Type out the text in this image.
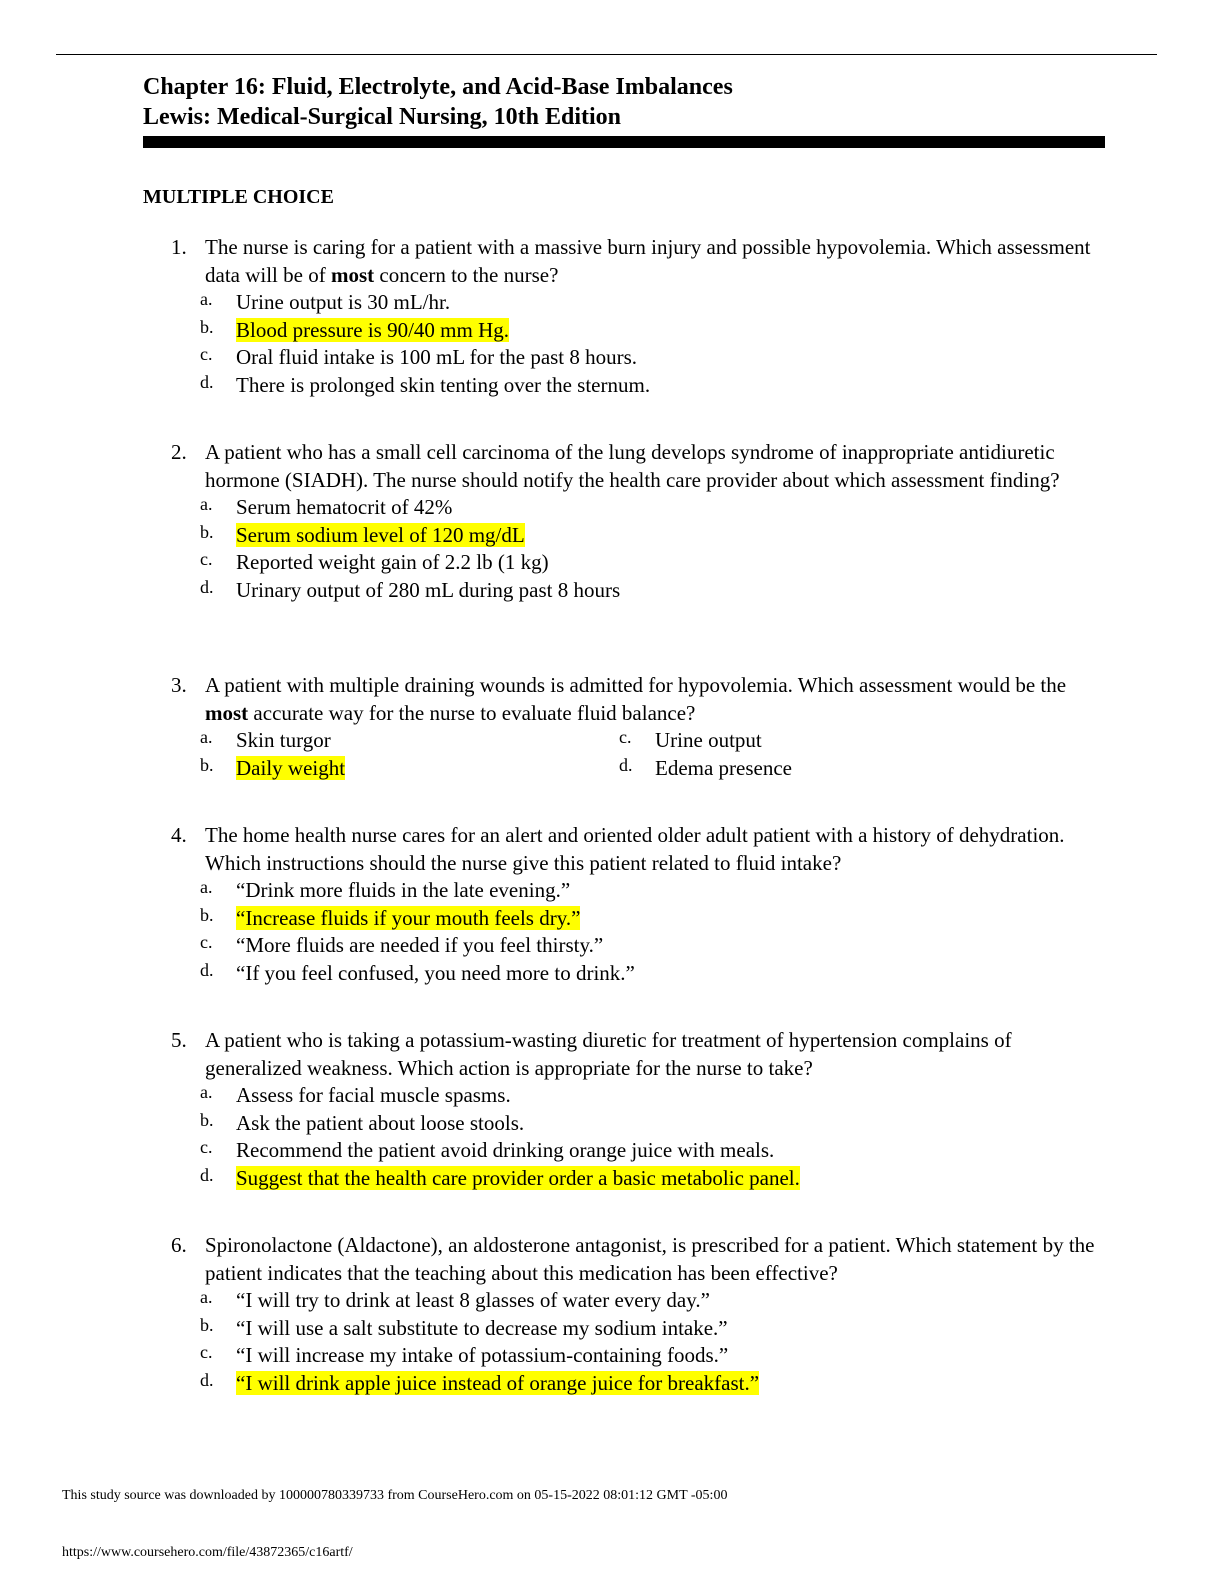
Chapter 16: Fluid, Electrolyte, and Acid-Base Imbalances
Lewis: Medical-Surgical Nursing, 10th Edition
MULTIPLE CHOICE
1. The nurse is caring for a patient with a massive burn injury and possible hypovolemia. Which assessment data will be of most concern to the nurse?
a. Urine output is 30 mL/hr.
b. Blood pressure is 90/40 mm Hg.
c. Oral fluid intake is 100 mL for the past 8 hours.
d. There is prolonged skin tenting over the sternum.
2. A patient who has a small cell carcinoma of the lung develops syndrome of inappropriate antidiuretic hormone (SIADH). The nurse should notify the health care provider about which assessment finding?
a. Serum hematocrit of 42%
b. Serum sodium level of 120 mg/dL
c. Reported weight gain of 2.2 lb (1 kg)
d. Urinary output of 280 mL during past 8 hours
3. A patient with multiple draining wounds is admitted for hypovolemia. Which assessment would be the most accurate way for the nurse to evaluate fluid balance?
a. Skin turgor
b. Daily weight
c. Urine output
d. Edema presence
4. The home health nurse cares for an alert and oriented older adult patient with a history of dehydration. Which instructions should the nurse give this patient related to fluid intake?
a. “Drink more fluids in the late evening.”
b. “Increase fluids if your mouth feels dry.”
c. “More fluids are needed if you feel thirsty.”
d. “If you feel confused, you need more to drink.”
5. A patient who is taking a potassium-wasting diuretic for treatment of hypertension complains of generalized weakness. Which action is appropriate for the nurse to take?
a. Assess for facial muscle spasms.
b. Ask the patient about loose stools.
c. Recommend the patient avoid drinking orange juice with meals.
d. Suggest that the health care provider order a basic metabolic panel.
6. Spironolactone (Aldactone), an aldosterone antagonist, is prescribed for a patient. Which statement by the patient indicates that the teaching about this medication has been effective?
a. “I will try to drink at least 8 glasses of water every day.”
b. “I will use a salt substitute to decrease my sodium intake.”
c. “I will increase my intake of potassium-containing foods.”
d. “I will drink apple juice instead of orange juice for breakfast.”
This study source was downloaded by 100000780339733 from CourseHero.com on 05-15-2022 08:01:12 GMT -05:00
https://www.coursehero.com/file/43872365/c16artf/
